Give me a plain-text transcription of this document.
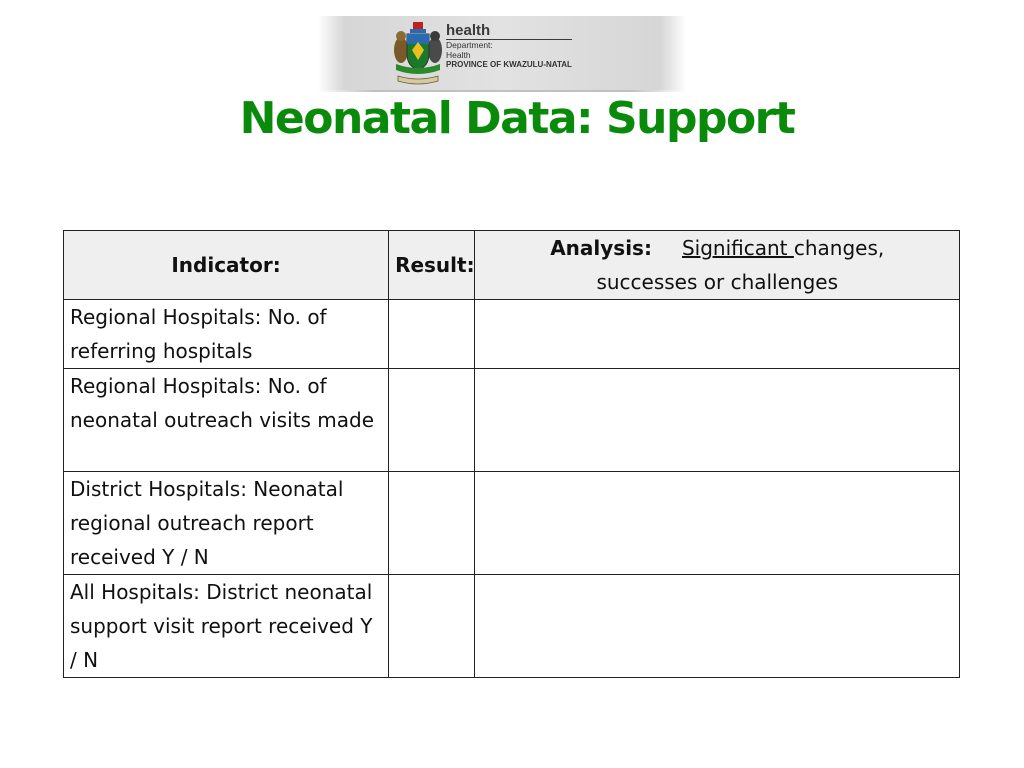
health
Department:
Health
PROVINCE OF KWAZULU-NATAL
Neonatal Data: Support
Indicator:	Result:	Analysis: Significant changes,
successes or challenges
Regional Hospitals: No. of referring hospitals		
Regional Hospitals: No. of neonatal outreach visits made		
District Hospitals: Neonatal regional outreach report received Y / N		
All Hospitals: District neonatal support visit report received Y / N		
